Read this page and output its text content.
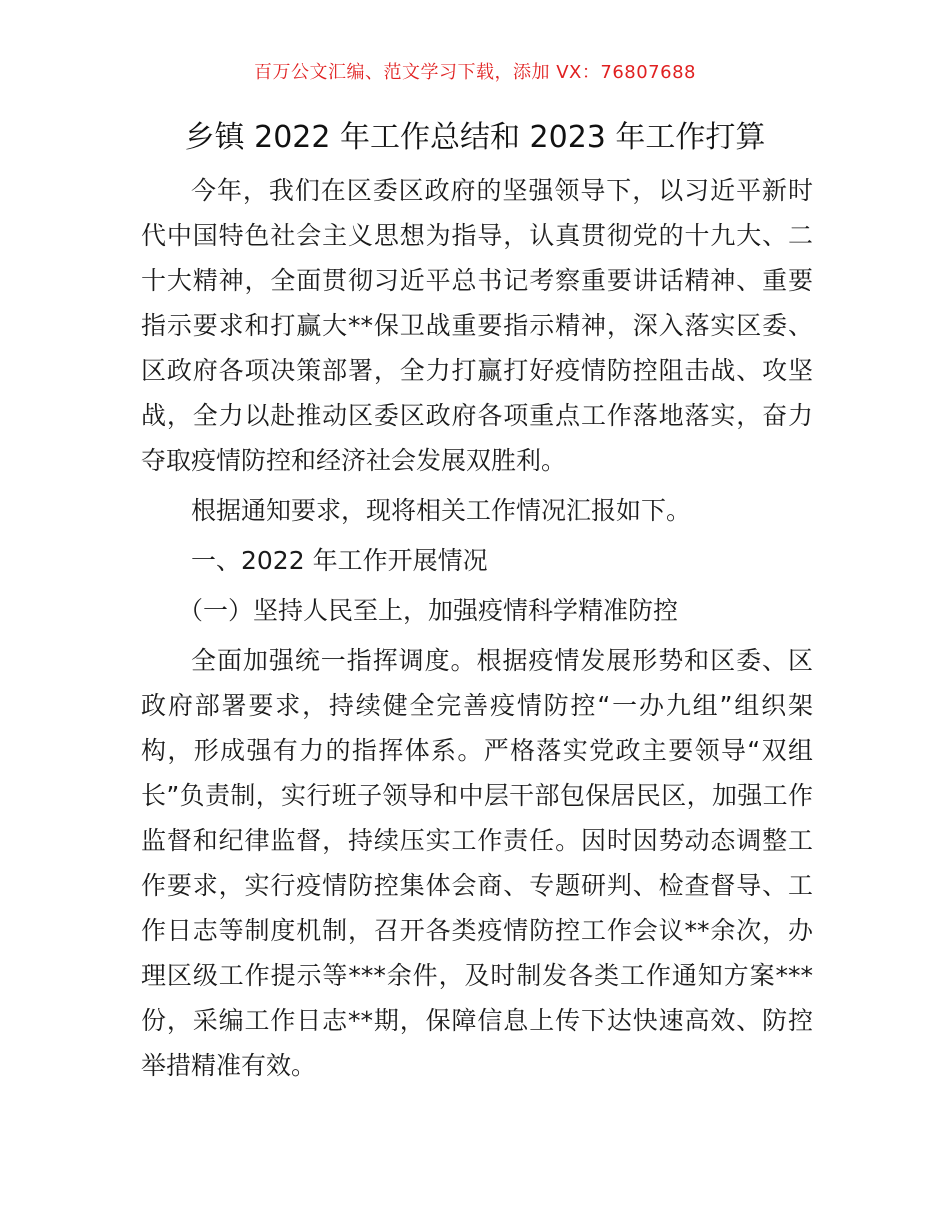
百万公文汇编、范文学习下载，添加 VX：76807688
乡镇 2022 年工作总结和 2023 年工作打算

今年，我们在区委区政府的坚强领导下，以习近平新时代中国特色社会主义思想为指导，认真贯彻党的十九大、二十大精神，全面贯彻习近平总书记考察重要讲话精神、重要指示要求和打赢大**保卫战重要指示精神，深入落实区委、区政府各项决策部署，全力打赢打好疫情防控阻击战、攻坚战，全力以赴推动区委区政府各项重点工作落地落实，奋力夺取疫情防控和经济社会发展双胜利。

根据通知要求，现将相关工作情况汇报如下。

一、2022 年工作开展情况

（一）坚持人民至上，加强疫情科学精准防控

全面加强统一指挥调度。根据疫情发展形势和区委、区政府部署要求，持续健全完善疫情防控“一办九组”组织架构，形成强有力的指挥体系。严格落实党政主要领导“双组长”负责制，实行班子领导和中层干部包保居民区，加强工作监督和纪律监督，持续压实工作责任。因时因势动态调整工作要求，实行疫情防控集体会商、专题研判、检查督导、工作日志等制度机制，召开各类疫情防控工作会议**余次，办理区级工作提示等***余件，及时制发各类工作通知方案***份，采编工作日志**期，保障信息上传下达快速高效、防控举措精准有效。
